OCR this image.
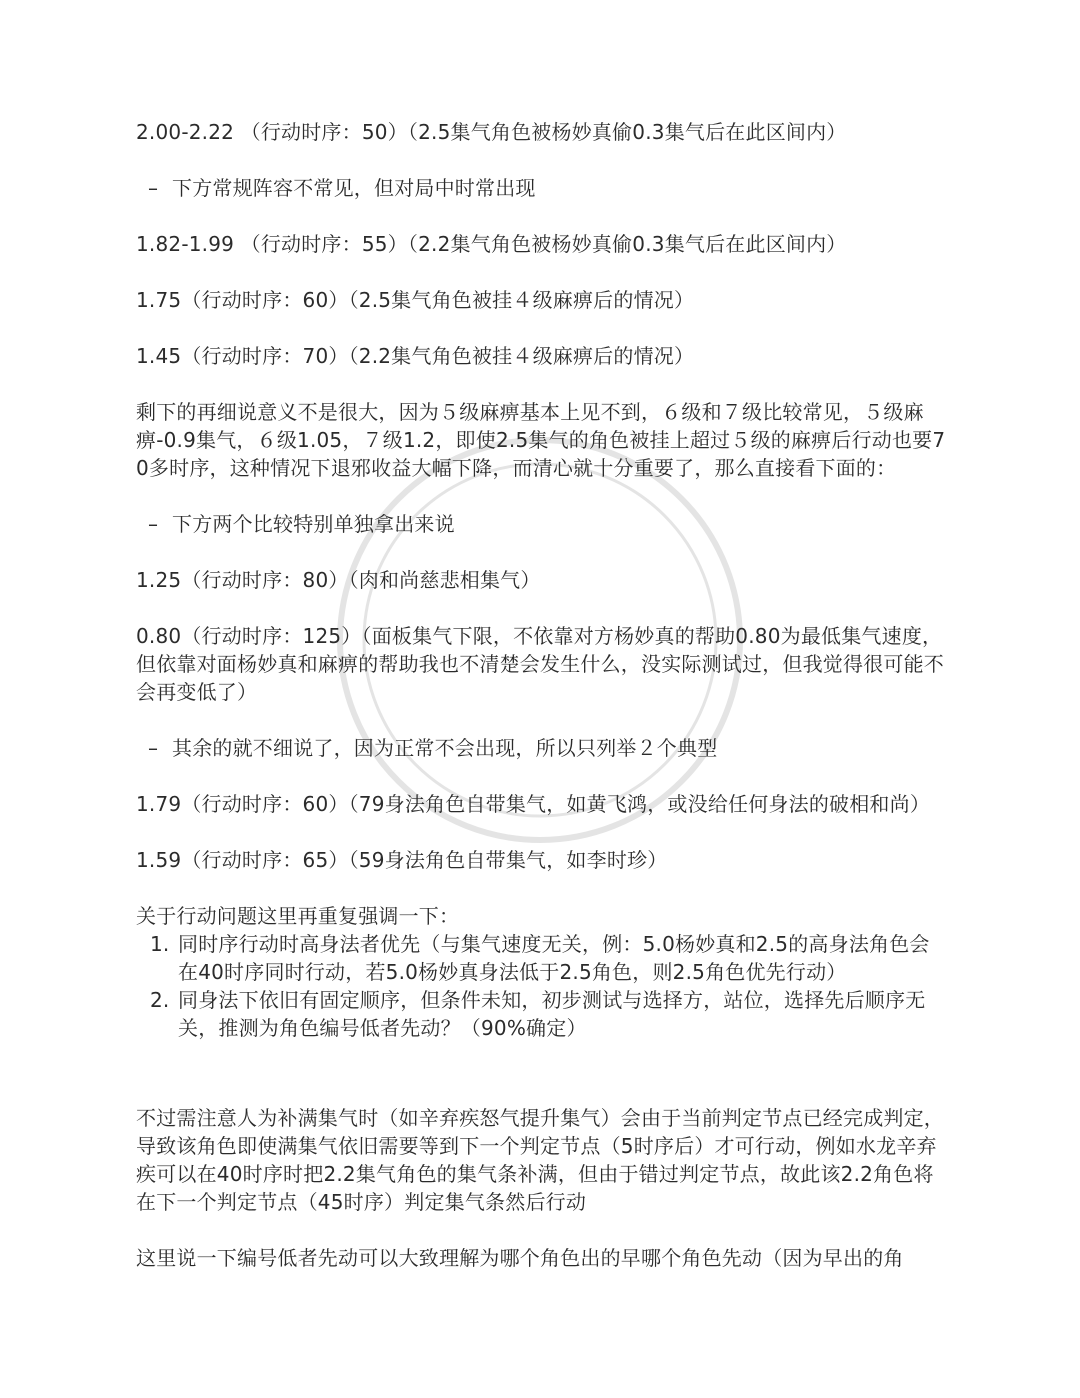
2.00-2.22 （行动时序：50）（2.5集气角色被杨妙真偷0.3集气后在此区间内）

– 下方常规阵容不常见，但对局中时常出现

1.82-1.99 （行动时序：55）（2.2集气角色被杨妙真偷0.3集气后在此区间内）

1.75（行动时序：60）（2.5集气角色被挂４级麻痹后的情况）

1.45（行动时序：70）（2.2集气角色被挂４级麻痹后的情况）

剩下的再细说意义不是很大，因为５级麻痹基本上见不到，６级和７级比较常见，５级麻痹-0.9集气，６级1.05，７级1.2，即使2.5集气的角色被挂上超过５级的麻痹后行动也要70多时序，这种情况下退邪收益大幅下降，而清心就十分重要了，那么直接看下面的：

– 下方两个比较特别单独拿出来说

1.25（行动时序：80）（肉和尚慈悲相集气）

0.80（行动时序：125）（面板集气下限，不依靠对方杨妙真的帮助0.80为最低集气速度，但依靠对面杨妙真和麻痹的帮助我也不清楚会发生什么，没实际测试过，但我觉得很可能不会再变低了）

– 其余的就不细说了，因为正常不会出现，所以只列举２个典型

1.79（行动时序：60）（79身法角色自带集气，如黄飞鸿，或没给任何身法的破相和尚）

1.59（行动时序：65）（59身法角色自带集气，如李时珍）

关于行动问题这里再重复强调一下：

1. 同时序行动时高身法者优先（与集气速度无关，例：5.0杨妙真和2.5的高身法角色会在40时序同时行动，若5.0杨妙真身法低于2.5角色，则2.5角色优先行动）
2. 同身法下依旧有固定顺序，但条件未知，初步测试与选择方，站位，选择先后顺序无关，推测为角色编号低者先动？（90%确定）

不过需注意人为补满集气时（如辛弃疾怒气提升集气）会由于当前判定节点已经完成判定，导致该角色即使满集气依旧需要等到下一个判定节点（5时序后）才可行动，例如水龙辛弃疾可以在40时序时把2.2集气角色的集气条补满，但由于错过判定节点，故此该2.2角色将在下一个判定节点（45时序）判定集气条然后行动

这里说一下编号低者先动可以大致理解为哪个角色出的早哪个角色先动（因为早出的角
